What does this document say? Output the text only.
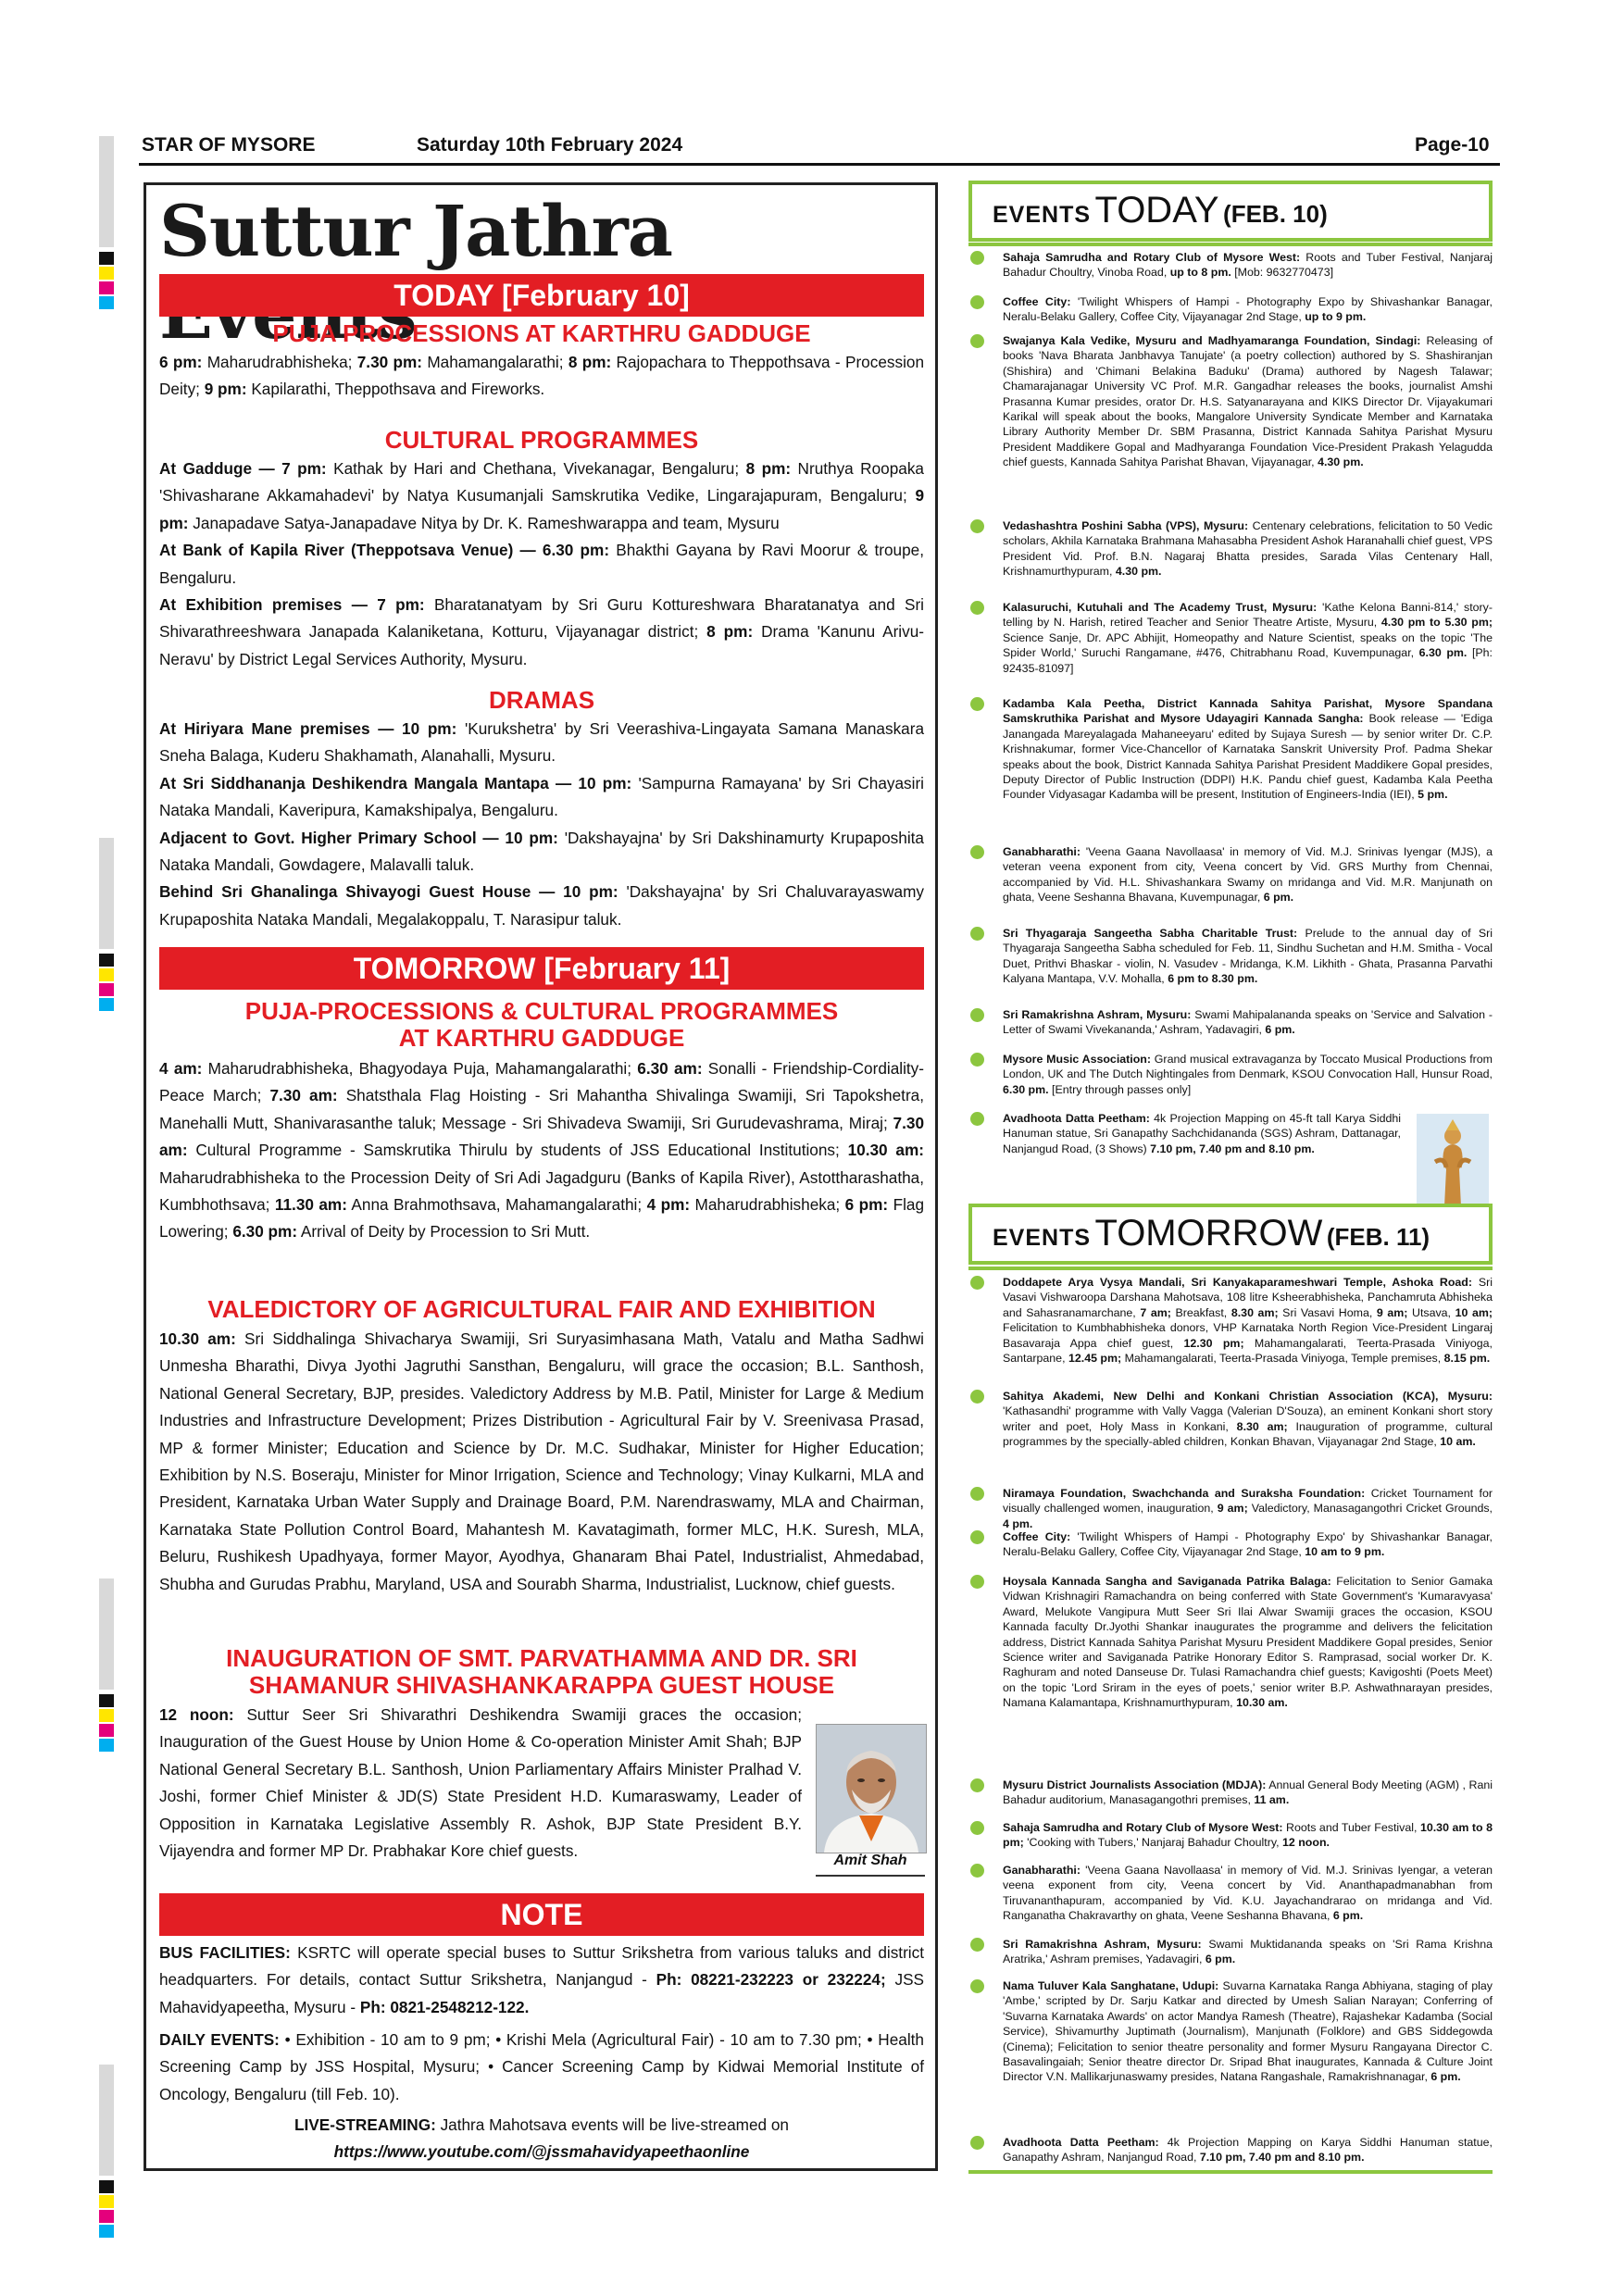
STAR OF MYSORE	Saturday 10th February 2024	Page-10
Suttur Jathra
TODAY [February 10]
PUJA PROCESSIONS AT KARTHRU GADDUGE
6 pm: Maharudrabhisheka; 7.30 pm: Mahamangalarathi; 8 pm: Rajopachara to Theppothsava - Procession Deity; 9 pm: Kapilarathi, Theppothsava and Fireworks.
CULTURAL PROGRAMMES
At Gadduge — 7 pm: Kathak by Hari and Chethana, Vivekanagar, Bengaluru; 8 pm: Nruthya Roopaka 'Shivasharane Akkamahadevi' by Natya Kusumanjali Samskrutika Vedike, Lingarajapuram, Bengaluru; 9 pm: Janapadave Satya-Janapadave Nitya by Dr. K. Rameshwarappa and team, Mysuru
At Bank of Kapila River (Theppotsava Venue) — 6.30 pm: Bhakthi Gayana by Ravi Moorur & troupe, Bengaluru.
At Exhibition premises — 7 pm: Bharatanatyam by Sri Guru Kottureshwara Bharatanatya and Sri Shivarathreeshwara Janapada Kalaniketana, Kotturu, Vijayanagar district; 8 pm: Drama 'Kanunu Arivu-Neravu' by District Legal Services Authority, Mysuru.
DRAMAS
At Hiriyara Mane premises — 10 pm: 'Kurukshetra' by Sri Veerashiva-Lingayata Samana Manaskara Sneha Balaga, Kuderu Shakhamath, Alanahalli, Mysuru.
At Sri Siddhananja Deshikendra Mangala Mantapa — 10 pm: 'Sampurna Ramayana' by Sri Chayasiri Nataka Mandali, Kaveripura, Kamakshipalya, Bengaluru.
Adjacent to Govt. Higher Primary School — 10 pm: 'Dakshayajna' by Sri Dakshinamurty Krupaposhita Nataka Mandali, Gowdagere, Malavalli taluk.
Behind Sri Ghanalinga Shivayogi Guest House — 10 pm: 'Dakshayajna' by Sri Chaluvarayaswamy Krupaposhita Nataka Mandali, Megalakoppalu, T. Narasipur taluk.
TOMORROW [February 11]
PUJA-PROCESSIONS & CULTURAL PROGRAMMES
AT KARTHRU GADDUGE
4 am: Maharudrabhisheka, Bhagyodaya Puja, Mahamangalarathi; 6.30 am: Sonalli - Friendship-Cordiality-Peace March; 7.30 am: Shatsthala Flag Hoisting - Sri Mahantha Shivalinga Swamiji, Sri Tapokshetra, Manehalli Mutt, Shanivarasanthe taluk; Message - Sri Shivadeva Swamiji, Sri Gurudevashrama, Miraj; 7.30 am: Cultural Programme - Samskrutika Thirulu by students of JSS Educational Institutions; 10.30 am: Maharudrabhisheka to the Procession Deity of Sri Adi Jagadguru (Banks of Kapila River), Astottharashatha, Kumbhothsava; 11.30 am: Anna Brahmothsava, Mahamangalarathi; 4 pm: Maharudrabhisheka; 6 pm: Flag Lowering; 6.30 pm: Arrival of Deity by Procession to Sri Mutt.
VALEDICTORY OF AGRICULTURAL FAIR AND EXHIBITION
10.30 am: Sri Siddhalinga Shivacharya Swamiji, Sri Suryasimhasana Math, Vatalu and Matha Sadhwi Unmesha Bharathi, Divya Jyothi Jagruthi Sansthan, Bengaluru, will grace the occasion; B.L. Santhosh, National General Secretary, BJP, presides. Valedictory Address by M.B. Patil, Minister for Large & Medium Industries and Infrastructure Development; Prizes Distribution - Agricultural Fair by V. Sreenivasa Prasad, MP & former Minister; Education and Science by Dr. M.C. Sudhakar, Minister for Higher Education; Exhibition by N.S. Boseraju, Minister for Minor Irrigation, Science and Technology; Vinay Kulkarni, MLA and President, Karnataka Urban Water Supply and Drainage Board, P.M. Narendraswamy, MLA and Chairman, Karnataka State Pollution Control Board, Mahantesh M. Kavatagimath, former MLC, H.K. Suresh, MLA, Beluru, Rushikesh Upadhyaya, former Mayor, Ayodhya, Ghanaram Bhai Patel, Industrialist, Ahmedabad, Shubha and Gurudas Prabhu, Maryland, USA and Sourabh Sharma, Industrialist, Lucknow, chief guests.
INAUGURATION OF SMT. PARVATHAMMA AND DR. SRI
SHAMANUR SHIVASHANKARAPPA GUEST HOUSE
12 noon: Suttur Seer Sri Shivarathri Deshikendra Swamiji graces the occasion; Inauguration of the Guest House by Union Home & Co-operation Minister Amit Shah; BJP National General Secretary B.L. Santhosh, Union Parliamentary Affairs Minister Pralhad V. Joshi, former Chief Minister & JD(S) State President H.D. Kumaraswamy, Leader of Opposition in Karnataka Legislative Assembly R. Ashok, BJP State President B.Y. Vijayendra and former MP Dr. Prabhakar Kore chief guests.
Amit Shah
NOTE
BUS FACILITIES: KSRTC will operate special buses to Suttur Srikshetra from various taluks and district headquarters. For details, contact Suttur Srikshetra, Nanjangud - Ph: 08221-232223 or 232224; JSS Mahavidyapeetha, Mysuru - Ph: 0821-2548212-122.
DAILY EVENTS: • Exhibition - 10 am to 9 pm; • Krishi Mela (Agricultural Fair) - 10 am to 7.30 pm; • Health Screening Camp by JSS Hospital, Mysuru; • Cancer Screening Camp by Kidwai Memorial Institute of Oncology, Bengaluru (till Feb. 10).
LIVE-STREAMING: Jathra Mahotsava events will be live-streamed on
https://www.youtube.com/@jssmahavidyapeethaonline
EVENTS TODAY (FEB. 10)
Sahaja Samrudha and Rotary Club of Mysore West: Roots and Tuber Festival, Nanjaraj Bahadur Choultry, Vinoba Road, up to 8 pm. [Mob: 9632770473]
Coffee City: 'Twilight Whispers of Hampi - Photography Expo by Shivashankar Banagar, Neralu-Belaku Gallery, Coffee City, Vijayanagar 2nd Stage, up to 9 pm.
Swajanya Kala Vedike, Mysuru and Madhyamaranga Foundation, Sindagi: Releasing of books 'Nava Bharata Janbhavya Tanujate' (a poetry collection) authored by S. Shashiranjan (Shishira) and 'Chimani Belakina Baduku' (Drama) authored by Nagesh Talawar; Chamarajanagar University VC Prof. M.R. Gangadhar releases the books, journalist Amshi Prasanna Kumar presides, orator Dr. H.S. Satyanarayana and KIKS Director Dr. Vijayakumari Karikal will speak about the books, Mangalore University Syndicate Member and Karnataka Library Authority Member Dr. SBM Prasanna, District Kannada Sahitya Parishat Mysuru President Maddikere Gopal and Madhyaranga Foundation Vice-President Prakash Yelagudda chief guests, Kannada Sahitya Parishat Bhavan, Vijayanagar, 4.30 pm.
Vedashashtra Poshini Sabha (VPS), Mysuru: Centenary celebrations, felicitation to 50 Vedic scholars, Akhila Karnataka Brahmana Mahasabha President Ashok Haranahalli chief guest, VPS President Vid. Prof. B.N. Nagaraj Bhatta presides, Sarada Vilas Centenary Hall, Krishnamurthypuram, 4.30 pm.
Kalasuruchi, Kutuhali and The Academy Trust, Mysuru: 'Kathe Kelona Banni-814,' story-telling by N. Harish, retired Teacher and Senior Theatre Artiste, Mysuru, 4.30 pm to 5.30 pm; Science Sanje, Dr. APC Abhijit, Homeopathy and Nature Scientist, speaks on the topic 'The Spider World,' Suruchi Rangamane, #476, Chitrabhanu Road, Kuvempunagar, 6.30 pm. [Ph: 92435-81097]
Kadamba Kala Peetha, District Kannada Sahitya Parishat, Mysore Spandana Samskruthika Parishat and Mysore Udayagiri Kannada Sangha: Book release — 'Ediga Janangada Mareyalagada Mahaneeyaru' edited by Sujaya Suresh — by senior writer Dr. C.P. Krishnakumar, former Vice-Chancellor of Karnataka Sanskrit University Prof. Padma Shekar speaks about the book, District Kannada Sahitya Parishat President Maddikere Gopal presides, Deputy Director of Public Instruction (DDPI) H.K. Pandu chief guest, Kadamba Kala Peetha Founder Vidyasagar Kadamba will be present, Institution of Engineers-India (IEI), 5 pm.
Ganabharathi: 'Veena Gaana Navollaasa' in memory of Vid. M.J. Srinivas Iyengar (MJS), a veteran veena exponent from city, Veena concert by Vid. GRS Murthy from Chennai, accompanied by Vid. H.L. Shivashankara Swamy on mridanga and Vid. M.R. Manjunath on ghata, Veene Seshanna Bhavana, Kuvempunagar, 6 pm.
Sri Thyagaraja Sangeetha Sabha Charitable Trust: Prelude to the annual day of Sri Thyagaraja Sangeetha Sabha scheduled for Feb. 11, Sindhu Suchetan and H.M. Smitha - Vocal Duet, Prithvi Bhaskar - violin, N. Vasudev - Mridanga, K.M. Likhith - Ghata, Prasanna Parvathi Kalyana Mantapa, V.V. Mohalla, 6 pm to 8.30 pm.
Sri Ramakrishna Ashram, Mysuru: Swami Mahipalananda speaks on 'Service and Salvation - Letter of Swami Vivekananda,' Ashram, Yadavagiri, 6 pm.
Mysore Music Association: Grand musical extravaganza by Toccato Musical Productions from London, UK and The Dutch Nightingales from Denmark, KSOU Convocation Hall, Hunsur Road, 6.30 pm. [Entry through passes only]
Avadhoota Datta Peetham: 4k Projection Mapping on 45-ft tall Karya Siddhi Hanuman statue, Sri Ganapathy Sachchidananda (SGS) Ashram, Dattanagar, Nanjangud Road, (3 Shows) 7.10 pm, 7.40 pm and 8.10 pm.
EVENTS TOMORROW (FEB. 11)
Doddapete Arya Vysya Mandali, Sri Kanyakaparameshwari Temple, Ashoka Road: Sri Vasavi Vishwaroopa Darshana Mahotsava, 108 litre Ksheerabhisheka, Panchamruta Abhisheka and Sahasranamarchane, 7 am; Breakfast, 8.30 am; Sri Vasavi Homa, 9 am; Utsava, 10 am; Felicitation to Kumbhabhisheka donors, VHP Karnataka North Region Vice-President Lingaraj Basavaraja Appa chief guest, 12.30 pm; Mahamangalarati, Teerta-Prasada Viniyoga, Santarpane, 12.45 pm; Mahamangalarati, Teerta-Prasada Viniyoga, Temple premises, 8.15 pm.
Sahitya Akademi, New Delhi and Konkani Christian Association (KCA), Mysuru: 'Kathasandhi' programme with Vally Vagga (Valerian D'Souza), an eminent Konkani short story writer and poet, Holy Mass in Konkani, 8.30 am; Inauguration of programme, cultural programmes by the specially-abled children, Konkan Bhavan, Vijayanagar 2nd Stage, 10 am.
Niramaya Foundation, Swachchanda and Suraksha Foundation: Cricket Tournament for visually challenged women, inauguration, 9 am; Valedictory, Manasagangothri Cricket Grounds, 4 pm.
Coffee City: 'Twilight Whispers of Hampi - Photography Expo' by Shivashankar Banagar, Neralu-Belaku Gallery, Coffee City, Vijayanagar 2nd Stage, 10 am to 9 pm.
Hoysala Kannada Sangha and Saviganada Patrika Balaga: Felicitation to Senior Gamaka Vidwan Krishnagiri Ramachandra on being conferred with State Government's 'Kumaravyasa' Award, Melukote Vangipura Mutt Seer Sri Ilai Alwar Swamiji graces the occasion, KSOU Kannada faculty Dr.Jyothi Shankar inaugurates the programme and delivers the felicitation address, District Kannada Sahitya Parishat Mysuru President Maddikere Gopal presides, Senior Science writer and Saviganada Patrike Honorary Editor S. Ramprasad, social worker Dr. K. Raghuram and noted Danseuse Dr. Tulasi Ramachandra chief guests; Kavigoshti (Poets Meet) on the topic 'Lord Sriram in the eyes of poets,' senior writer B.P. Ashwathnarayan presides, Namana Kalamantapa, Krishnamurthypuram, 10.30 am.
Mysuru District Journalists Association (MDJA): Annual General Body Meeting (AGM) , Rani Bahadur auditorium, Manasagangothri premises, 11 am.
Sahaja Samrudha and Rotary Club of Mysore West: Roots and Tuber Festival, 10.30 am to 8 pm; 'Cooking with Tubers,' Nanjaraj Bahadur Choultry, 12 noon.
Ganabharathi: 'Veena Gaana Navollaasa' in memory of Vid. M.J. Srinivas Iyengar, a veteran veena exponent from city, Veena concert by Vid. Ananthapadmanabhan from Tiruvananthapuram, accompanied by Vid. K.U. Jayachandrarao on mridanga and Vid. Ranganatha Chakravarthy on ghata, Veene Seshanna Bhavana, 6 pm.
Sri Ramakrishna Ashram, Mysuru: Swami Muktidananda speaks on 'Sri Rama Krishna Aratrika,' Ashram premises, Yadavagiri, 6 pm.
Nama Tuluver Kala Sanghatane, Udupi: Suvarna Karnataka Ranga Abhiyana, staging of play 'Ambe,' scripted by Dr. Sarju Katkar and directed by Umesh Salian Narayan; Conferring of 'Suvarna Karnataka Awards' on actor Mandya Ramesh (Theatre), Rajashekar Kadamba (Social Service), Shivamurthy Juptimath (Journalism), Manjunath (Folklore) and GBS Siddegowda (Cinema); Felicitation to senior theatre personality and former Mysuru Rangayana Director C. Basavalingaiah; Senior theatre director Dr. Sripad Bhat inaugurates, Kannada & Culture Joint Director V.N. Mallikarjunaswamy presides, Natana Rangashale, Ramakrishnanagar, 6 pm.
Avadhoota Datta Peetham: 4k Projection Mapping on Karya Siddhi Hanuman statue, Ganapathy Ashram, Nanjangud Road, 7.10 pm, 7.40 pm and 8.10 pm.
